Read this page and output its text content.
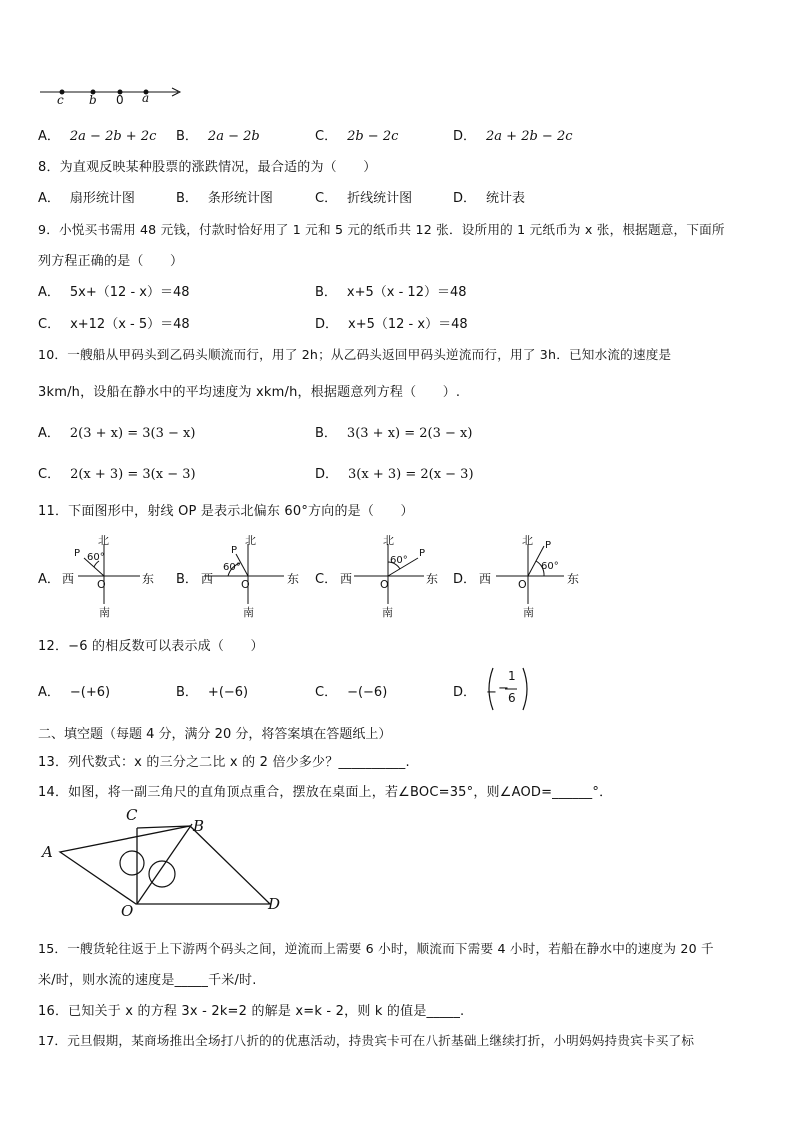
c b 0 a
A． 2a − 2b + 2c B． 2a − 2b	C． 2b − 2c	D． 2a + 2b − 2c
8．为直观反映某种股票的涨跌情况，最合适的为（　　）
A． 扇形统计图	B． 条形统计图	C． 折线统计图	D． 统计表
9．小悦买书需用 48 元钱，付款时恰好用了 1 元和 5 元的纸币共 12 张．设所用的 1 元纸币为 x 张，根据题意，下面所
列方程正确的是（　　）
A． 5x+（12 - x）＝48	B． x+5（x - 12）＝48
C． x+12（x - 5）＝48	D． x+5（12 - x）＝48
10．一艘船从甲码头到乙码头顺流而行，用了 2h；从乙码头返回甲码头逆流而行，用了 3h．已知水流的速度是
3km/h，设船在静水中的平均速度为 xkm/h，根据题意列方程（　　）.
A． 2(3 + x) = 3(3 − x)	B． 3(3 + x) = 2(3 − x)
C． 2(x + 3) = 3(x − 3)	D． 3(x + 3) = 2(x − 3)
11．下面图形中，射线 OP 是表示北偏东 60°方向的是（　　）
A．
北
P 60°
西	东
O
南
B．
北
P
60°
西	东
O
南
C．
北
P
60°
西	东
O
南
D．
北 P
60°
西	东
O
南
12．−6 的相反数可以表示成（　　）
A． −(+6)	B． +(−6)	C． −(−6)	D． − −
1
6
二、填空题（每题 4 分，满分 20 分，将答案填在答题纸上）
13．列代数式：x 的三分之二比 x 的 2 倍少多少？__________.
14．如图，将一副三角尺的直角顶点重合，摆放在桌面上，若∠BOC=35°，则∠AOD=______°．
A
B
C
D
O
15．一艘货轮往返于上下游两个码头之间，逆流而上需要 6 小时，顺流而下需要 4 小时，若船在静水中的速度为 20 千
米/时，则水流的速度是_____千米/时.
16．已知关于 x 的方程 3x - 2k=2 的解是 x=k - 2，则 k 的值是_____.
17．元旦假期，某商场推出全场打八折的的优惠活动，持贵宾卡可在八折基础上继续打折，小明妈妈持贵宾卡买了标
